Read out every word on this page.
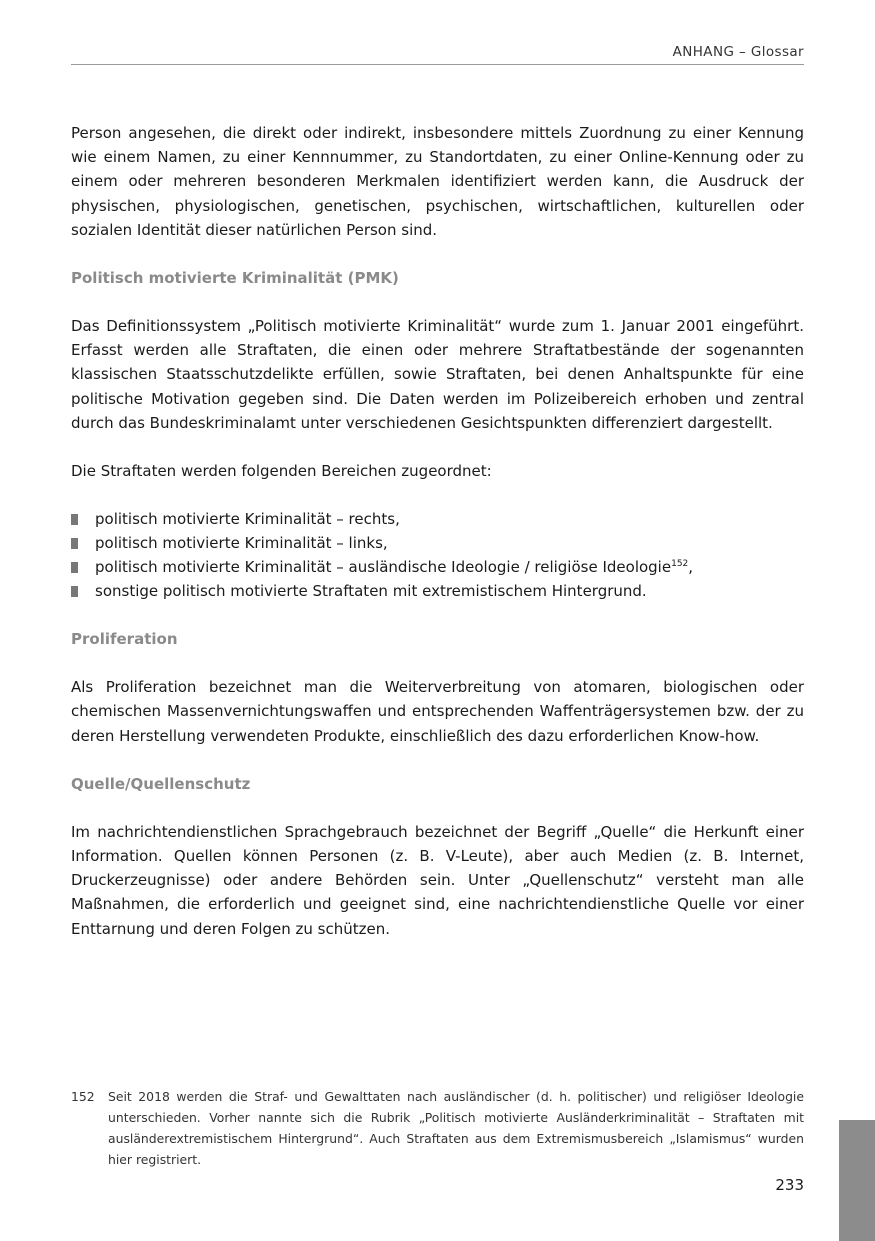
ANHANG – Glossar

Person angesehen, die direkt oder indirekt, insbesondere mittels Zuordnung zu einer Kennung wie einem Namen, zu einer Kennnummer, zu Standortdaten, zu einer Online-Kennung oder zu einem oder mehreren besonderen Merkmalen identifiziert werden kann, die Ausdruck der physischen, physiologischen, genetischen, psychischen, wirtschaftlichen, kulturellen oder sozialen Identität dieser natürlichen Person sind.

Politisch motivierte Kriminalität (PMK)

Das Definitionssystem „Politisch motivierte Kriminalität“ wurde zum 1. Januar 2001 eingeführt. Erfasst werden alle Straftaten, die einen oder mehrere Straftatbestände der sogenannten klassischen Staatsschutzdelikte erfüllen, sowie Straftaten, bei denen Anhaltspunkte für eine politische Motivation gegeben sind. Die Daten werden im Polizeibereich erhoben und zentral durch das Bundeskriminalamt unter verschiedenen Gesichtspunkten differenziert dargestellt.

Die Straftaten werden folgenden Bereichen zugeordnet:

politisch motivierte Kriminalität – rechts,
politisch motivierte Kriminalität – links,
politisch motivierte Kriminalität – ausländische Ideologie / religiöse Ideologie$^{152}$,
sonstige politisch motivierte Straftaten mit extremistischem Hintergrund.
Proliferation

Als Proliferation bezeichnet man die Weiterverbreitung von atomaren, biologischen oder chemischen Massenvernichtungswaffen und entsprechenden Waffenträgersystemen bzw. der zu deren Herstellung verwendeten Produkte, einschließlich des dazu erforderlichen Know-how.

Quelle/Quellenschutz

Im nachrichtendienstlichen Sprachgebrauch bezeichnet der Begriff „Quelle“ die Herkunft einer Information. Quellen können Personen (z. B. V-Leute), aber auch Medien (z. B. Internet, Druckerzeugnisse) oder andere Behörden sein. Unter „Quellenschutz“ versteht man alle Maßnahmen, die erforderlich und geeignet sind, eine nachrichtendienstliche Quelle vor einer Enttarnung und deren Folgen zu schützen.

152	Seit 2018 werden die Straf- und Gewalttaten nach ausländischer (d. h. politischer) und religiöser Ideologie unterschieden. Vorher nannte sich die Rubrik „Politisch motivierte Ausländerkriminalität – Straftaten mit ausländerextremistischem Hintergrund“. Auch Straftaten aus dem Extremismusbereich „Islamismus“ wurden hier registriert.
233
